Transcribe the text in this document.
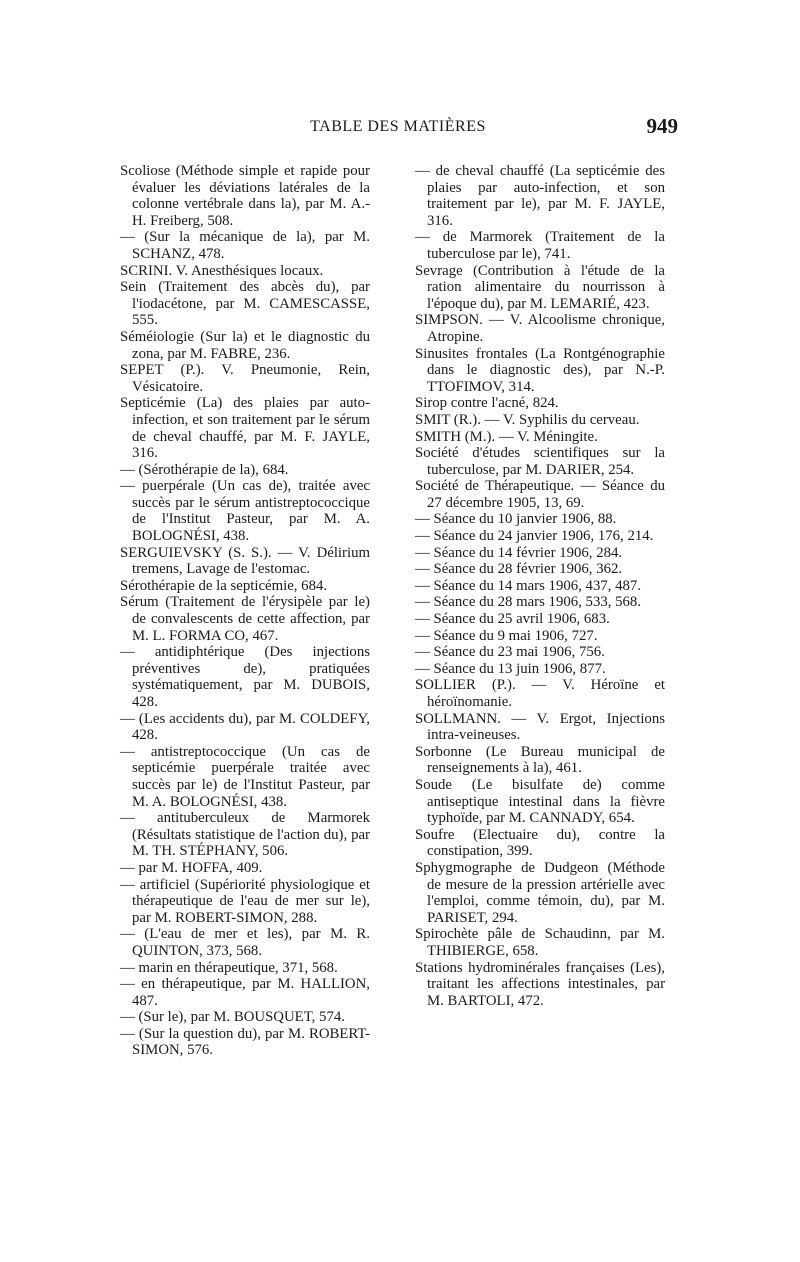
TABLE DES MATIÈRES	949

Scoliose (Méthode simple et rapide pour évaluer les déviations latérales de la colonne vertébrale dans la), par M. A.-H. Freiberg, 508.

— (Sur la mécanique de la), par M. SCHANZ, 478.

SCRINI. V. Anesthésiques locaux.

Sein (Traitement des abcès du), par l'iodacétone, par M. CAMESCASSE, 555.

Séméiologie (Sur la) et le diagnostic du zona, par M. FABRE, 236.

SEPET (P.). V. Pneumonie, Rein, Vésicatoire.

Septicémie (La) des plaies par auto-infection, et son traitement par le sérum de cheval chauffé, par M. F. JAYLE, 316.

— (Sérothérapie de la), 684.

— puerpérale (Un cas de), traitée avec succès par le sérum antistreptococcique de l'Institut Pasteur, par M. A. BOLOGNÉSI, 438.

SERGUIEVSKY (S. S.). — V. Délirium tremens, Lavage de l'estomac.

Sérothérapie de la septicémie, 684.

Sérum (Traitement de l'érysipèle par le) de convalescents de cette affection, par M. L. FORMA CO, 467.

— antidiphtérique (Des injections préventives de), pratiquées systématiquement, par M. DUBOIS, 428.

— (Les accidents du), par M. COLDEFY, 428.

— antistreptococcique (Un cas de septicémie puerpérale traitée avec succès par le) de l'Institut Pasteur, par M. A. BOLOGNÉSI, 438.

— antituberculeux de Marmorek (Résultats statistique de l'action du), par M. TH. STÉPHANY, 506.

— par M. HOFFA, 409.

— artificiel (Supériorité physiologique et thérapeutique de l'eau de mer sur le), par M. ROBERT-SIMON, 288.

— (L'eau de mer et les), par M. R. QUINTON, 373, 568.

— marin en thérapeutique, 371, 568.

— en thérapeutique, par M. HALLION, 487.

— (Sur le), par M. BOUSQUET, 574.

— (Sur la question du), par M. ROBERT-SIMON, 576.

— de cheval chauffé (La septicémie des plaies par auto-infection, et son traitement par le), par M. F. JAYLE, 316.

— de Marmorek (Traitement de la tuberculose par le), 741.

Sevrage (Contribution à l'étude de la ration alimentaire du nourrisson à l'époque du), par M. LEMARIÉ, 423.

SIMPSON. — V. Alcoolisme chronique, Atropine.

Sinusites frontales (La Rontgénographie dans le diagnostic des), par N.-P. TTOFIMOV, 314.

Sirop contre l'acné, 824.

SMIT (R.). — V. Syphilis du cerveau.

SMITH (M.). — V. Méningite.

Société d'études scientifiques sur la tuberculose, par M. DARIER, 254.

Société de Thérapeutique. — Séance du 27 décembre 1905, 13, 69.

— Séance du 10 janvier 1906, 88.

— Séance du 24 janvier 1906, 176, 214.

— Séance du 14 février 1906, 284.

— Séance du 28 février 1906, 362.

— Séance du 14 mars 1906, 437, 487.

— Séance du 28 mars 1906, 533, 568.

— Séance du 25 avril 1906, 683.

— Séance du 9 mai 1906, 727.

— Séance du 23 mai 1906, 756.

— Séance du 13 juin 1906, 877.

SOLLIER (P.). — V. Héroïne et héroïnomanie.

SOLLMANN. — V. Ergot, Injections intra-veineuses.

Sorbonne (Le Bureau municipal de renseignements à la), 461.

Soude (Le bisulfate de) comme antiseptique intestinal dans la fièvre typhoïde, par M. CANNADY, 654.

Soufre (Electuaire du), contre la constipation, 399.

Sphygmographe de Dudgeon (Méthode de mesure de la pression artérielle avec l'emploi, comme témoin, du), par M. PARISET, 294.

Spirochète pâle de Schaudinn, par M. THIBIERGE, 658.

Stations hydrominérales françaises (Les), traitant les affections intestinales, par M. BARTOLI, 472.
